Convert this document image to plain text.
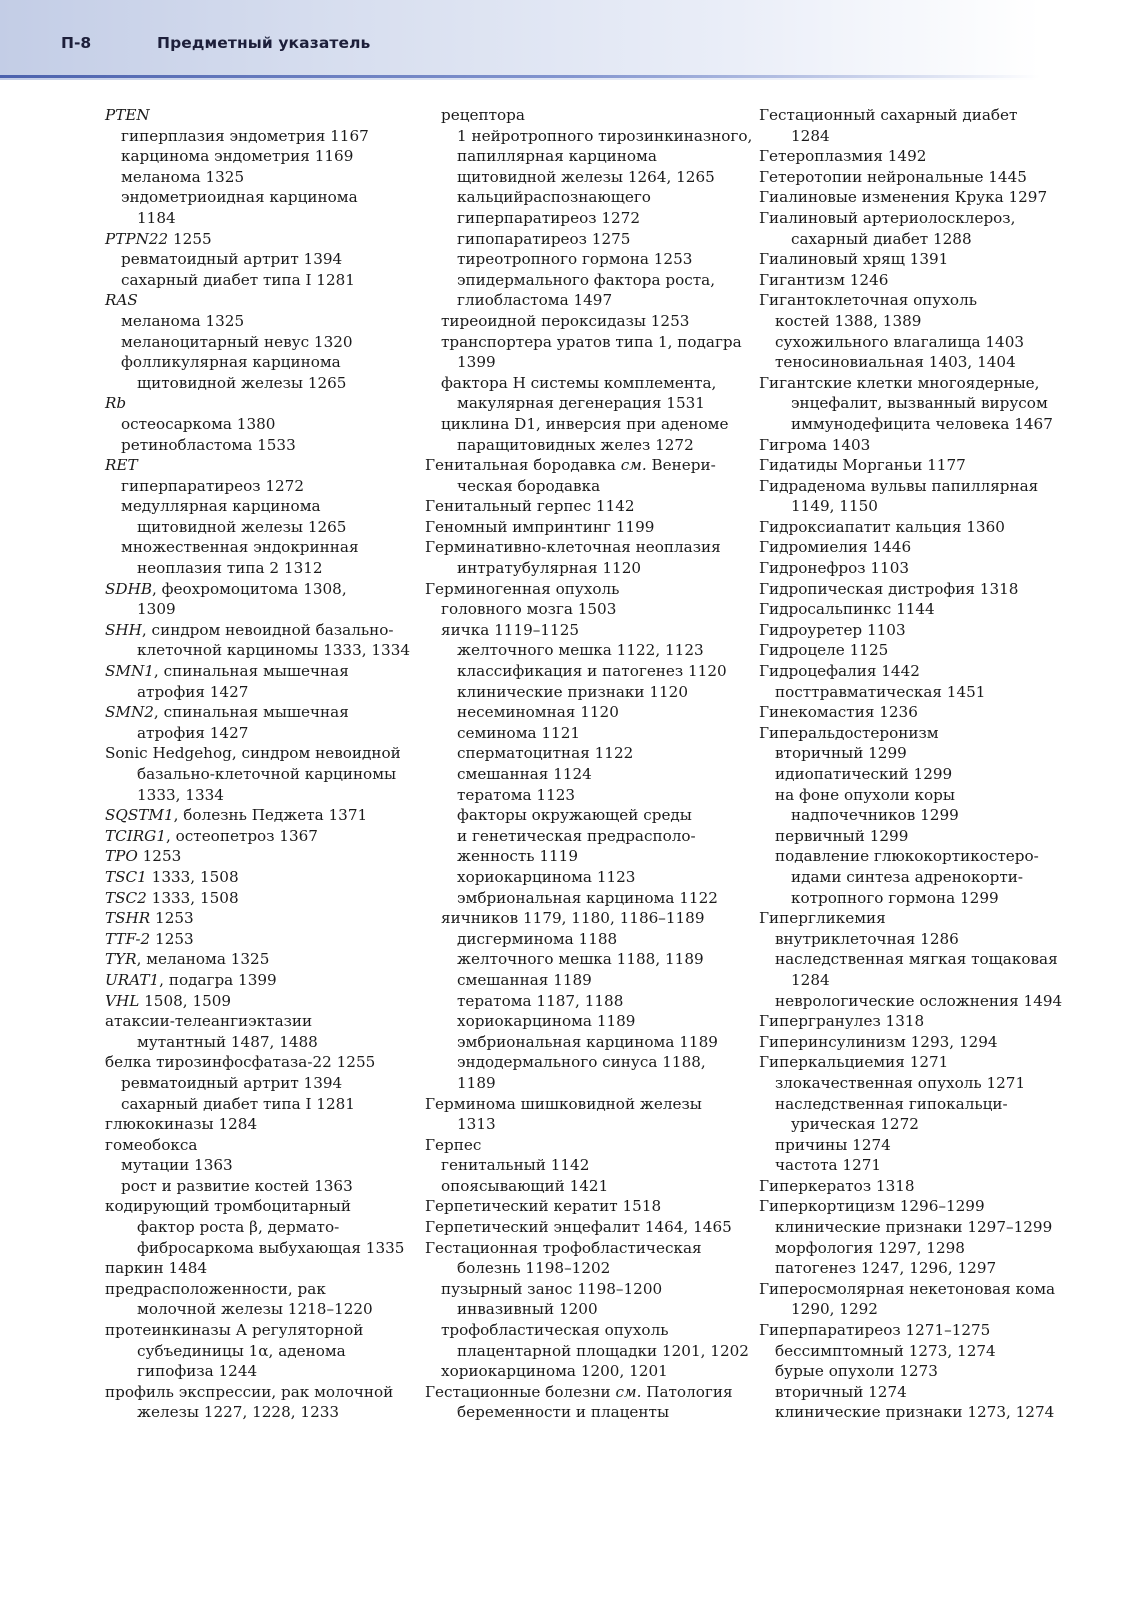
П-8	Предметный указатель
PTEN
гиперплазия эндометрия 1167
карцинома эндометрия 1169
меланома 1325
эндометриоидная карцинома
1184
PTPN22 1255
ревматоидный артрит 1394
сахарный диабет типа I 1281
RAS
меланома 1325
меланоцитарный невус 1320
фолликулярная карцинома
щитовидной железы 1265
Rb
остеосаркома 1380
ретинобластома 1533
RET
гиперпаратиреоз 1272
медуллярная карцинома
щитовидной железы 1265
множественная эндокринная
неоплазия типа 2 1312
SDHB, феохромоцитома 1308,
1309
SHH, синдром невоидной базально-
клеточной карциномы 1333, 1334
SMN1, спинальная мышечная
атрофия 1427
SMN2, спинальная мышечная
атрофия 1427
Sonic Hedgehog, синдром невоидной
базально-клеточной карциномы
1333, 1334
SQSTM1, болезнь Педжета 1371
TCIRG1, остеопетроз 1367
TPO 1253
TSC1 1333, 1508
TSC2 1333, 1508
TSHR 1253
TTF-2 1253
TYR, меланома 1325
URAT1, подагра 1399
VHL 1508, 1509
атаксии-телеангиэктазии
мутантный 1487, 1488
белка тирозинфосфатаза-22 1255
ревматоидный артрит 1394
сахарный диабет типа I 1281
глюкокиназы 1284
гомеобокса
мутации 1363
рост и развитие костей 1363
кодирующий тромбоцитарный
фактор роста β, дермато-
фибросаркома выбухающая 1335
паркин 1484
предрасположенности, рак
молочной железы 1218–1220
протеинкиназы А регуляторной
субъединицы 1α, аденома
гипофиза 1244
профиль экспрессии, рак молочной
железы 1227, 1228, 1233
рецептора
1 нейротропного тирозинкиназного,
папиллярная карцинома
щитовидной железы 1264, 1265
кальцийраспознающего
гиперпаратиреоз 1272
гипопаратиреоз 1275
тиреотропного гормона 1253
эпидермального фактора роста,
глиобластома 1497
тиреоидной пероксидазы 1253
транспортера уратов типа 1, подагра
1399
фактора Н системы комплемента,
макулярная дегенерация 1531
циклина D1, инверсия при аденоме
паращитовидных желез 1272
Генитальная бородавка см. Венери-
ческая бородавка
Генитальный герпес 1142
Геномный импринтинг 1199
Герминативно-клеточная неоплазия
интратубулярная 1120
Герминогенная опухоль
головного мозга 1503
яичка 1119–1125
желточного мешка 1122, 1123
классификация и патогенез 1120
клинические признаки 1120
несеминомная 1120
семинома 1121
сперматоцитная 1122
смешанная 1124
тератома 1123
факторы окружающей среды
и генетическая предрасполо-
женность 1119
хориокарцинома 1123
эмбриональная карцинома 1122
яичников 1179, 1180, 1186–1189
дисгерминома 1188
желточного мешка 1188, 1189
смешанная 1189
тератома 1187, 1188
хориокарцинома 1189
эмбриональная карцинома 1189
эндодермального синуса 1188,
1189
Герминома шишковидной железы
1313
Герпес
генитальный 1142
опоясывающий 1421
Герпетический кератит 1518
Герпетический энцефалит 1464, 1465
Гестационная трофобластическая
болезнь 1198–1202
пузырный занос 1198–1200
инвазивный 1200
трофобластическая опухоль
плацентарной площадки 1201, 1202
хориокарцинома 1200, 1201
Гестационные болезни см. Патология
беременности и плаценты
Гестационный сахарный диабет
1284
Гетероплазмия 1492
Гетеротопии нейрональные 1445
Гиалиновые изменения Крука 1297
Гиалиновый артериолосклероз,
сахарный диабет 1288
Гиалиновый хрящ 1391
Гигантизм 1246
Гигантоклеточная опухоль
костей 1388, 1389
сухожильного влагалища 1403
теносиновиальная 1403, 1404
Гигантские клетки многоядерные,
энцефалит, вызванный вирусом
иммунодефицита человека 1467
Гигрома 1403
Гидатиды Морганьи 1177
Гидраденома вульвы папиллярная
1149, 1150
Гидроксиапатит кальция 1360
Гидромиелия 1446
Гидронефроз 1103
Гидропическая дистрофия 1318
Гидросальпинкс 1144
Гидроуретер 1103
Гидроцеле 1125
Гидроцефалия 1442
посттравматическая 1451
Гинекомастия 1236
Гиперальдостеронизм
вторичный 1299
идиопатический 1299
на фоне опухоли коры
надпочечников 1299
первичный 1299
подавление глюкокортикостеро-
идами синтеза адренокорти-
котропного гормона 1299
Гипергликемия
внутриклеточная 1286
наследственная мягкая тощаковая
1284
неврологические осложнения 1494
Гипергранулез 1318
Гиперинсулинизм 1293, 1294
Гиперкальциемия 1271
злокачественная опухоль 1271
наследственная гипокальци-
урическая 1272
причины 1274
частота 1271
Гиперкератоз 1318
Гиперкортицизм 1296–1299
клинические признаки 1297–1299
морфология 1297, 1298
патогенез 1247, 1296, 1297
Гиперосмолярная некетоновая кома
1290, 1292
Гиперпаратиреоз 1271–1275
бессимптомный 1273, 1274
бурые опухоли 1273
вторичный 1274
клинические признаки 1273, 1274
